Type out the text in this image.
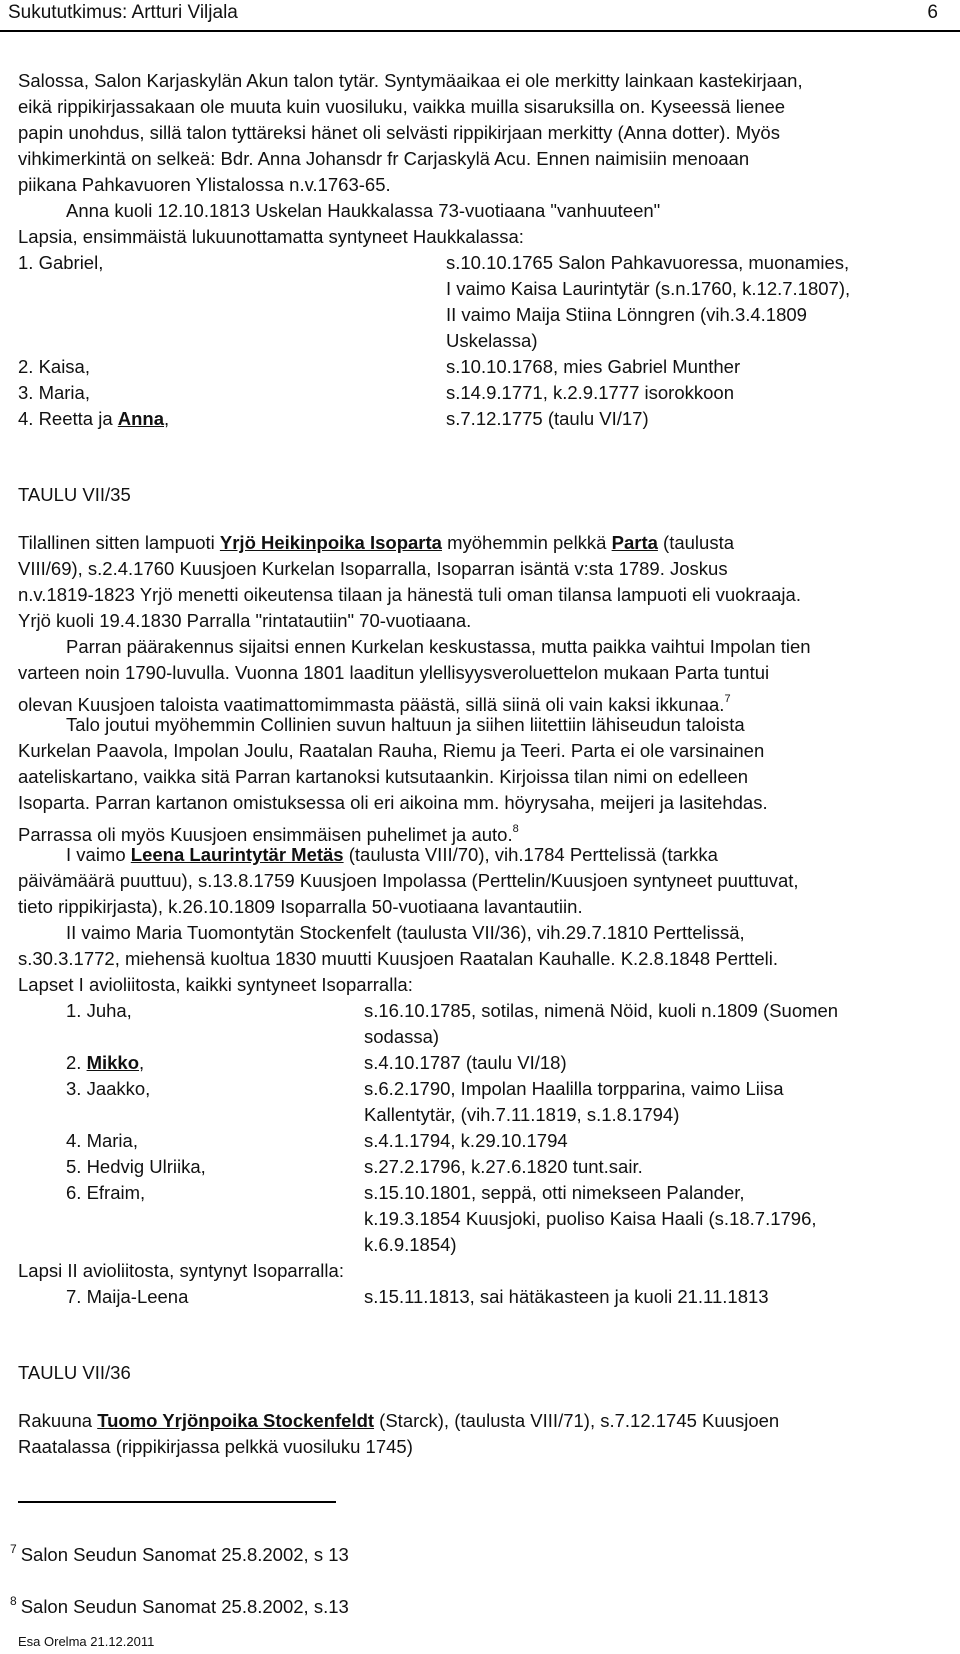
Sukututkimus: Artturi Viljala	6
Salossa, Salon Karjaskylän Akun talon tytär. Syntymäaikaa ei ole merkitty lainkaan kastekirjaan,
eikä rippikirjassakaan ole muuta kuin vuosiluku, vaikka muilla sisaruksilla on. Kyseessä lienee
papin unohdus, sillä talon tyttäreksi hänet oli selvästi rippikirjaan merkitty (Anna dotter). Myös
vihkimerkintä on selkeä: Bdr. Anna Johansdr fr Carjaskylä Acu. Ennen naimisiin menoaan
piikana Pahkavuoren Ylistalossa n.v.1763-65.
Anna kuoli 12.10.1813 Uskelan Haukkalassa 73-vuotiaana "vanhuuteen"
Lapsia, ensimmäistä lukuunottamatta syntyneet Haukkalassa:
1. Gabriel,	s.10.10.1765 Salon Pahkavuoressa, muonamies,
I vaimo Kaisa Laurintytär (s.n.1760, k.12.7.1807),
II vaimo Maija Stiina Lönngren (vih.3.4.1809
Uskelassa)
2. Kaisa,	s.10.10.1768, mies Gabriel Munther
3. Maria,	s.14.9.1771, k.2.9.1777 isorokkoon
4. Reetta ja Anna,	s.7.12.1775 (taulu VI/17)
TAULU VII/35
Tilallinen sitten lampuoti Yrjö Heikinpoika Isoparta myöhemmin pelkkä Parta (taulusta
VIII/69), s.2.4.1760 Kuusjoen Kurkelan Isoparralla, Isoparran isäntä v:sta 1789. Joskus
n.v.1819-1823 Yrjö menetti oikeutensa tilaan ja hänestä tuli oman tilansa lampuoti eli vuokraaja.
Yrjö kuoli 19.4.1830 Parralla "rintatautiin" 70-vuotiaana.
Parran päärakennus sijaitsi ennen Kurkelan keskustassa, mutta paikka vaihtui Impolan tien
varteen noin 1790-luvulla. Vuonna 1801 laaditun ylellisyysveroluettelon mukaan Parta tuntui
olevan Kuusjoen taloista vaatimattomimmasta päästä, sillä siinä oli vain kaksi ikkunaa.$^7$
Talo joutui myöhemmin Collinien suvun haltuun ja siihen liitettiin lähiseudun taloista
Kurkelan Paavola, Impolan Joulu, Raatalan Rauha, Riemu ja Teeri. Parta ei ole varsinainen
aateliskartano, vaikka sitä Parran kartanoksi kutsutaankin. Kirjoissa tilan nimi on edelleen
Isoparta. Parran kartanon omistuksessa oli eri aikoina mm. höyrysaha, meijeri ja lasitehdas.
Parrassa oli myös Kuusjoen ensimmäisen puhelimet ja auto.$^8$
I vaimo Leena Laurintytär Metäs (taulusta VIII/70), vih.1784 Perttelissä (tarkka
päivämäärä puuttuu), s.13.8.1759 Kuusjoen Impolassa (Perttelin/Kuusjoen syntyneet puuttuvat,
tieto rippikirjasta), k.26.10.1809 Isoparralla 50-vuotiaana lavantautiin.
II vaimo Maria Tuomontytän Stockenfelt (taulusta VII/36), vih.29.7.1810 Perttelissä,
s.30.3.1772, miehensä kuoltua 1830 muutti Kuusjoen Raatalan Kauhalle. K.2.8.1848 Pertteli.
Lapset I avioliitosta, kaikki syntyneet Isoparralla:
1. Juha,	s.16.10.1785, sotilas, nimenä Nöid, kuoli n.1809 (Suomen
sodassa)
2. Mikko,	s.4.10.1787 (taulu VI/18)
3. Jaakko,	s.6.2.1790, Impolan Haalilla torpparina, vaimo Liisa
Kallentytär, (vih.7.11.1819, s.1.8.1794)
4. Maria,	s.4.1.1794, k.29.10.1794
5. Hedvig Ulriika,	s.27.2.1796, k.27.6.1820 tunt.sair.
6. Efraim,	s.15.10.1801, seppä, otti nimekseen Palander,
k.19.3.1854 Kuusjoki, puoliso Kaisa Haali (s.18.7.1796,
k.6.9.1854)
Lapsi II avioliitosta, syntynyt Isoparralla:
7. Maija-Leena	s.15.11.1813, sai hätäkasteen ja kuoli 21.11.1813
TAULU VII/36
Rakuuna Tuomo Yrjönpoika Stockenfeldt (Starck), (taulusta VIII/71), s.7.12.1745 Kuusjoen
Raatalassa (rippikirjassa pelkkä vuosiluku 1745)
$^7$ Salon Seudun Sanomat 25.8.2002, s 13
$^8$ Salon Seudun Sanomat 25.8.2002, s.13
Esa Orelma 21.12.2011
